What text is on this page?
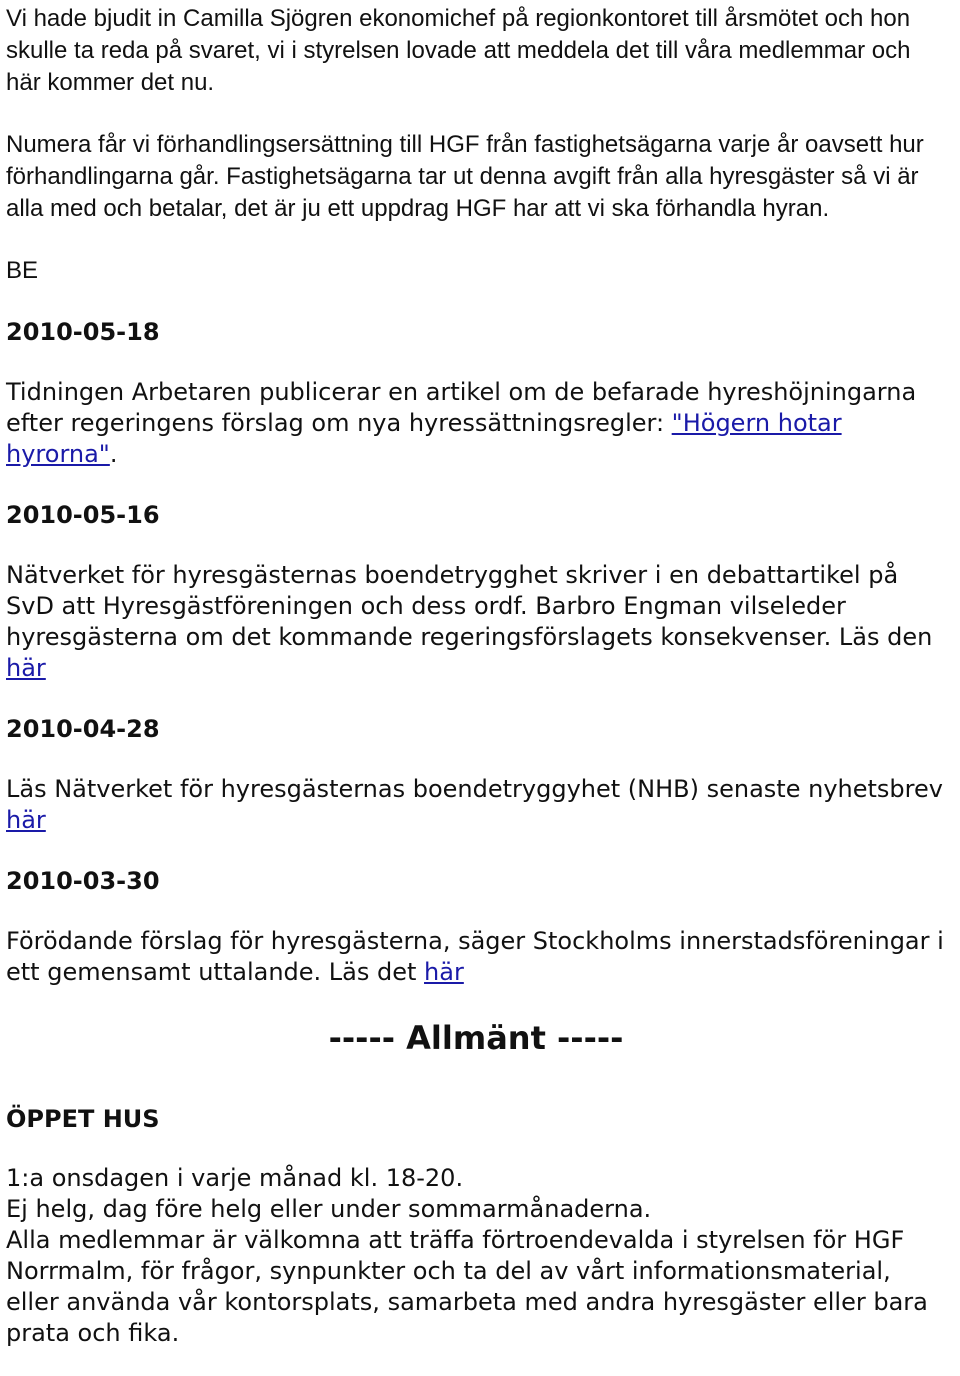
Vi hade bjudit in Camilla Sjögren ekonomichef på regionkontoret till årsmötet och hon skulle ta reda på svaret, vi i styrelsen lovade att meddela det till våra medlemmar och här kommer det nu.

Numera får vi förhandlingsersättning till HGF från fastighetsägarna varje år oavsett hur förhandlingarna går. Fastighetsägarna tar ut denna avgift från alla hyresgäster så vi är alla med och betalar, det är ju ett uppdrag HGF har att vi ska förhandla hyran.

BE

2010-05-18

Tidningen Arbetaren publicerar en artikel om de befarade hyreshöjningarna efter regeringens förslag om nya hyressättningsregler: "Högern hotar hyrorna".

2010-05-16

Nätverket för hyresgästernas boendetrygghet skriver i en debattartikel på SvD att Hyresgästföreningen och dess ordf. Barbro Engman vilseleder hyresgästerna om det kommande regeringsförslagets konsekvenser. Läs den här

2010-04-28

Läs Nätverket för hyresgästernas boendetryggyhet (NHB) senaste nyhetsbrev här

2010-03-30

Förödande förslag för hyresgästerna, säger Stockholms innerstadsföreningar i ett gemensamt uttalande. Läs det här

----- Allmänt -----

ÖPPET HUS

1:a onsdagen i varje månad kl. 18-20.
Ej helg, dag före helg eller under sommarmånaderna.
Alla medlemmar är välkomna att träffa förtroendevalda i styrelsen för HGF Norrmalm, för frågor, synpunkter och ta del av vårt informationsmaterial, eller använda vår kontorsplats, samarbeta med andra hyresgäster eller bara prata och fika.
